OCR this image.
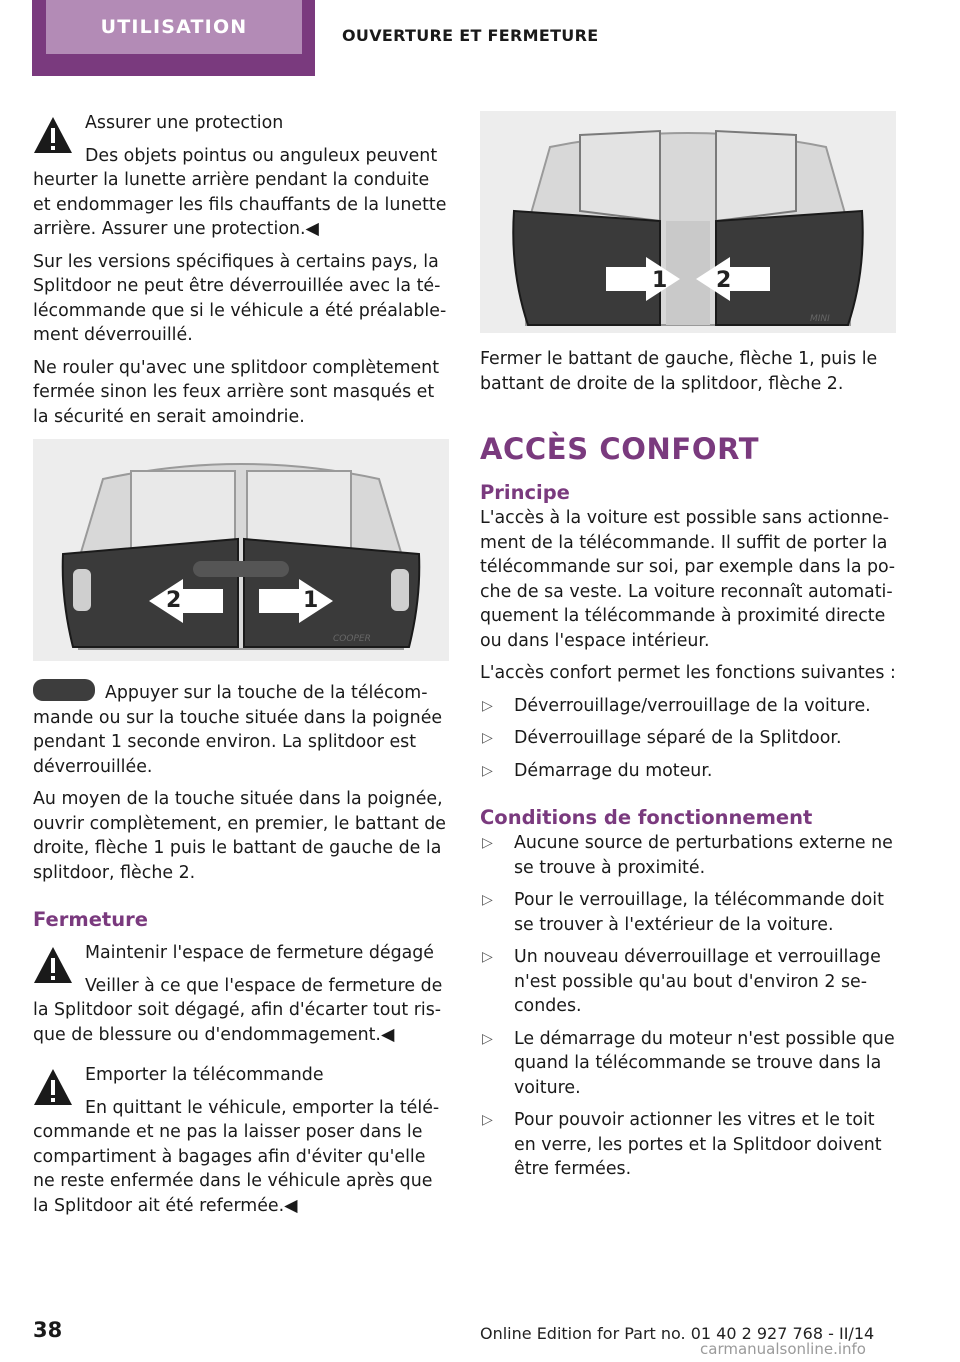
UTILISATION	OUVERTURE ET FERMETURE

Assurer une protection

Des objets pointus ou anguleux peuvent heurter la lunette arrière pendant la conduite et endommager les fils chauffants de la lunette arrière. Assurer une protection.◀

Sur les versions spécifiques à certains pays, la Splitdoor ne peut être déverrouillée avec la télécommande que si le véhicule a été préalablement déverrouillé.

Ne rouler qu'avec une splitdoor complètement fermée sinon les feux arrière sont masqués et la sécurité en serait amoindrie.

2	1
COOPER

Appuyer sur la touche de la télécommande ou sur la touche située dans la poignée pendant 1 seconde environ. La splitdoor est déverrouillée.

Au moyen de la touche située dans la poignée, ouvrir complètement, en premier, le battant de droite, flèche 1 puis le battant de gauche de la splitdoor, flèche 2.

Fermeture

Maintenir l'espace de fermeture dégagé

Veiller à ce que l'espace de fermeture de la Splitdoor soit dégagé, afin d'écarter tout risque de blessure ou d'endommagement.◀

Emporter la télécommande

En quittant le véhicule, emporter la télécommande et ne pas la laisser poser dans le compartiment à bagages afin d'éviter qu'elle ne reste enfermée dans le véhicule après que la Splitdoor ait été refermée.◀

1 2
MINI

Fermer le battant de gauche, flèche 1, puis le battant de droite de la splitdoor, flèche 2.

ACCÈS CONFORT
Principe

L'accès à la voiture est possible sans actionnement de la télécommande. Il suffit de porter la télécommande sur soi, par exemple dans la poche de sa veste. La voiture reconnaît automatiquement la télécommande à proximité directe ou dans l'espace intérieur.

L'accès confort permet les fonctions suivantes :

▷ Déverrouillage/verrouillage de la voiture.
▷ Déverrouillage séparé de la Splitdoor.
▷ Démarrage du moteur.
Conditions de fonctionnement
▷ Aucune source de perturbations externe ne se trouve à proximité.
▷ Pour le verrouillage, la télécommande doit se trouver à l'extérieur de la voiture.
▷ Un nouveau déverrouillage et verrouillage n'est possible qu'au bout d'environ 2 secondes.
▷ Le démarrage du moteur n'est possible que quand la télécommande se trouve dans la voiture.
▷ Pour pouvoir actionner les vitres et le toit en verre, les portes et la Splitdoor doivent être fermées.
38	Online Edition for Part no. 01 40 2 927 768 - II/14
carmanualsonline.info
